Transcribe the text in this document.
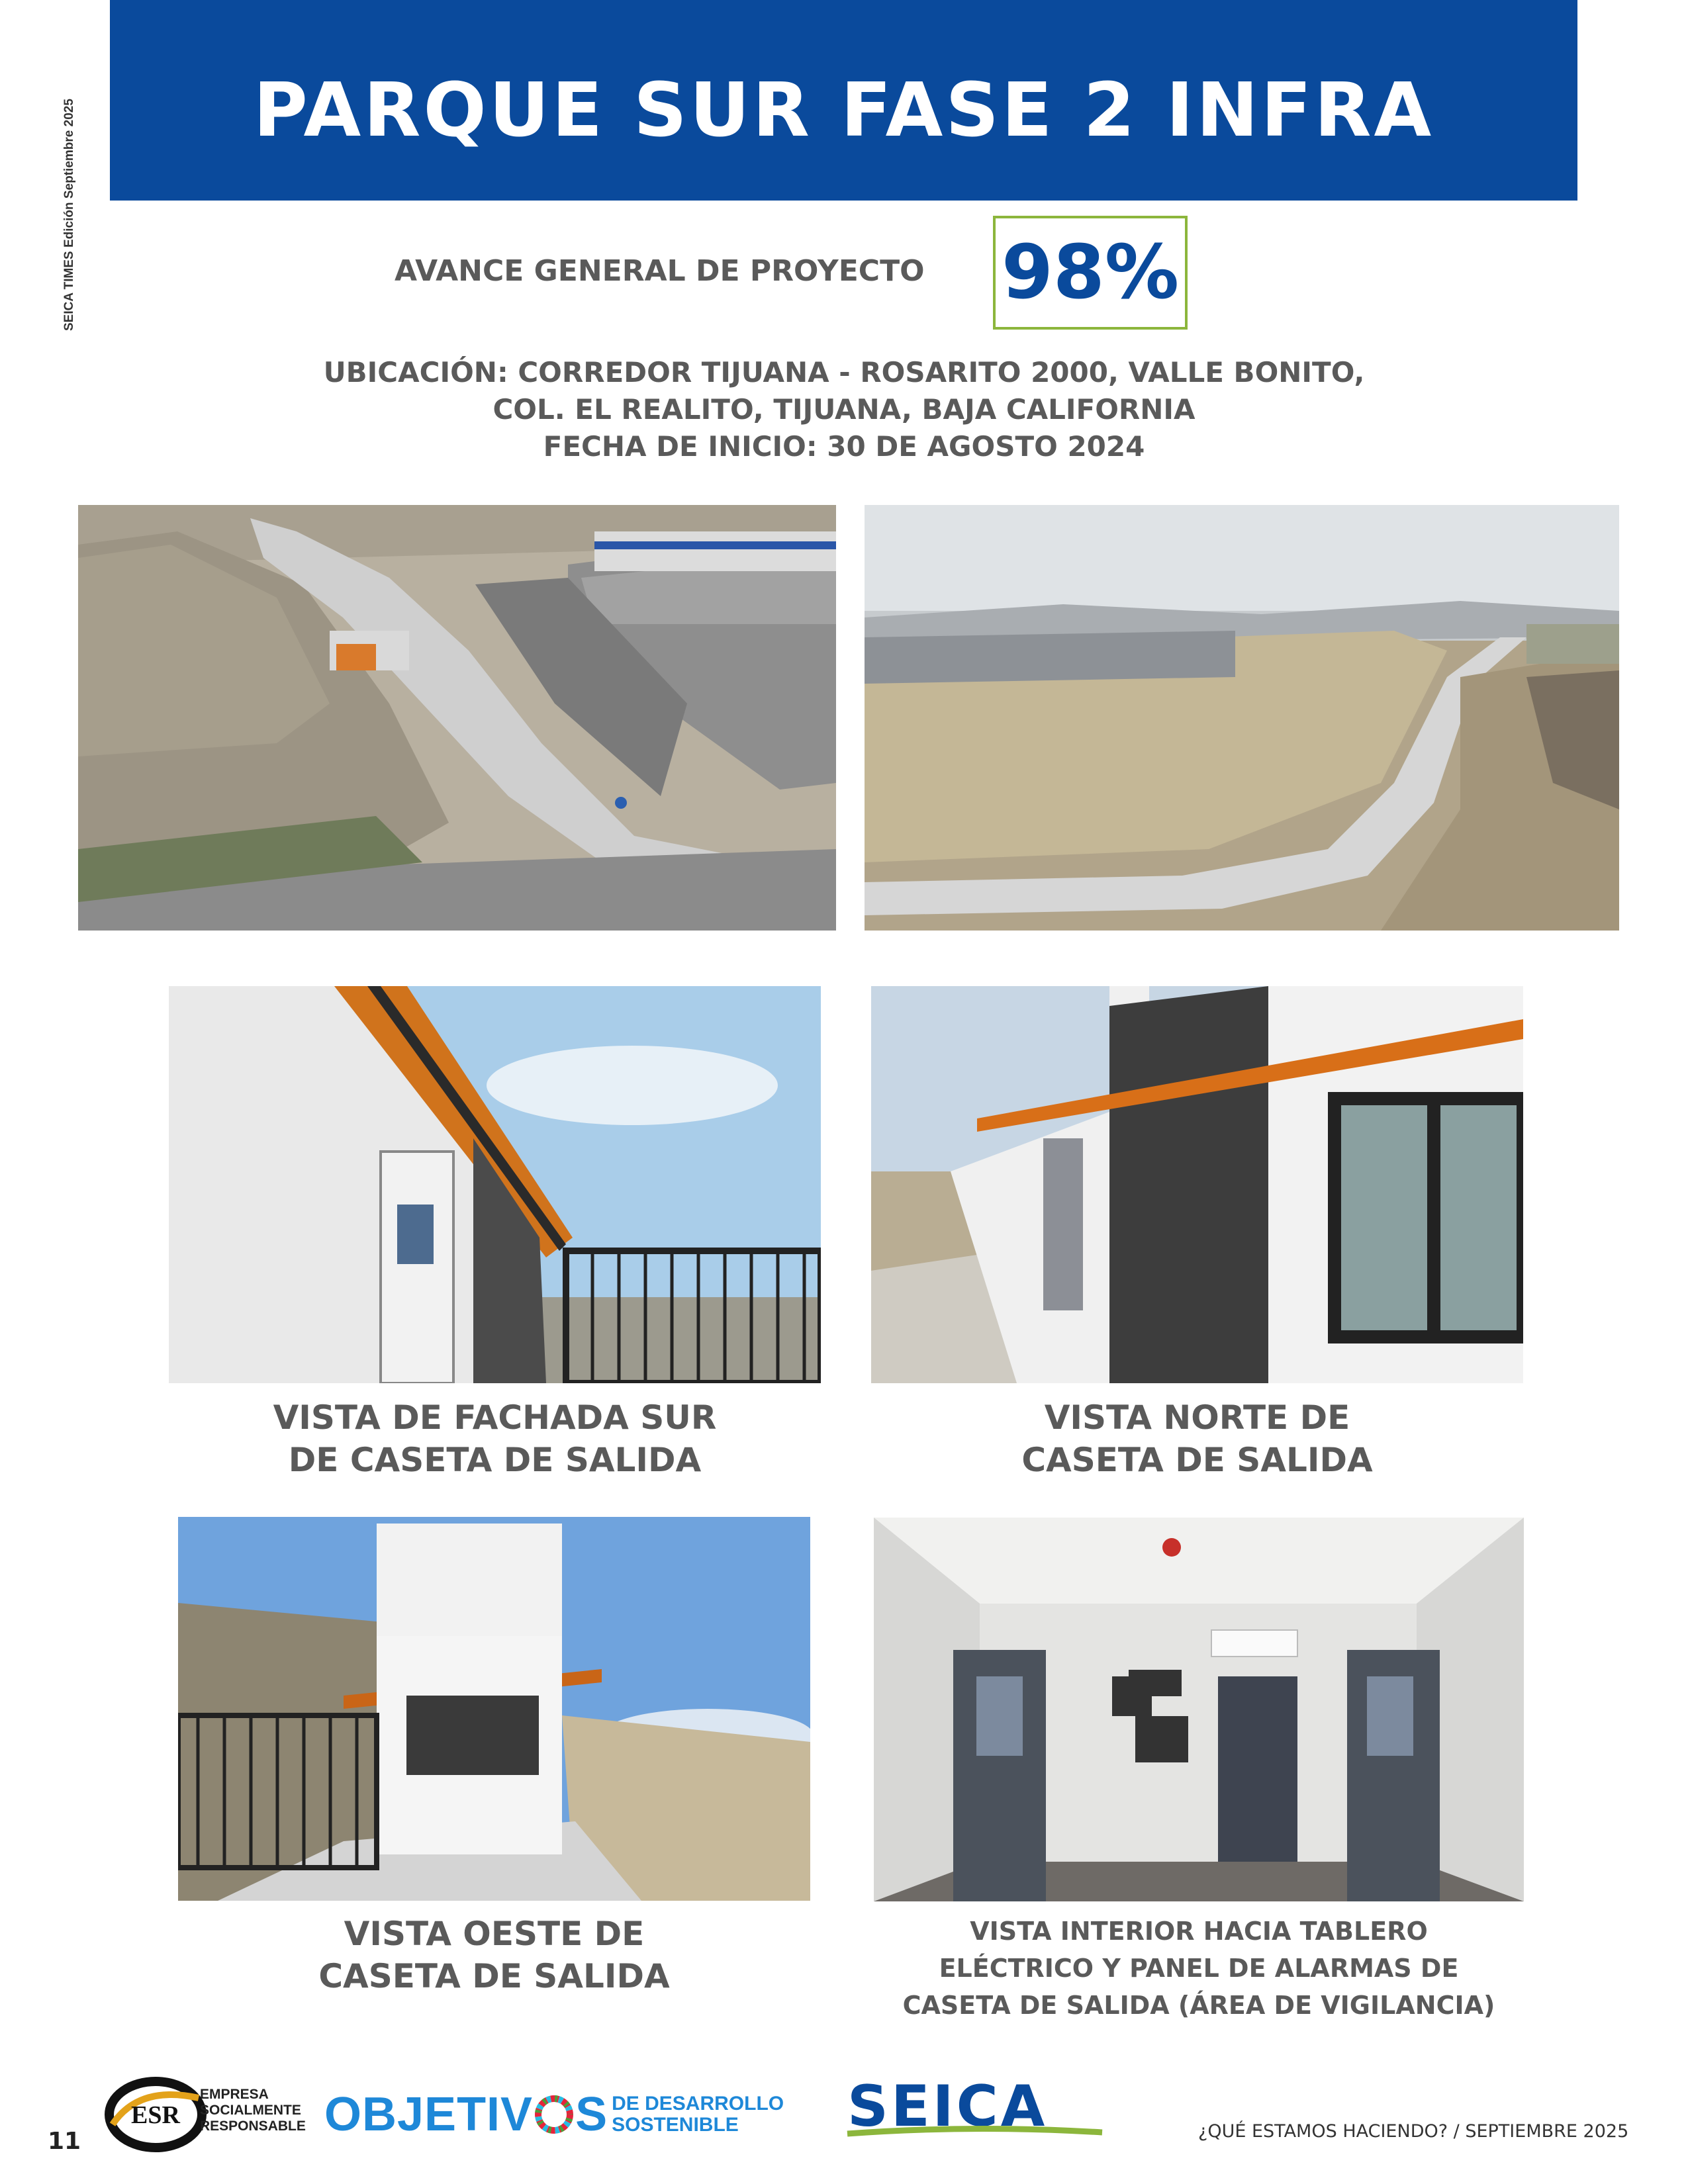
SEICA TIMES Edición Septiembre 2025 PARQUE SUR FASE 2 INFRA
AVANCE GENERAL DE PROYECTO	98%
UBICACIÓN: CORREDOR TIJUANA - ROSARITO 2000, VALLE BONITO,
COL. EL REALITO, TIJUANA, BAJA CALIFORNIA
FECHA DE INICIO: 30 DE AGOSTO 2024
VISTA DE FACHADA SUR
DE CASETA DE SALIDA
VISTA NORTE DE
CASETA DE SALIDA
VISTA OESTE DE
CASETA DE SALIDA
VISTA INTERIOR HACIA TABLERO
ELÉCTRICO Y PANEL DE ALARMAS DE
CASETA DE SALIDA (ÁREA DE VIGILANCIA)
11
ESR
EMPRESA
SOCIALMENTE
RESPONSABLE OBJETIV S DE DESARROLLO
SOSTENIBLE	SEICA	¿QUÉ ESTAMOS HACIENDO? / SEPTIEMBRE 2025
